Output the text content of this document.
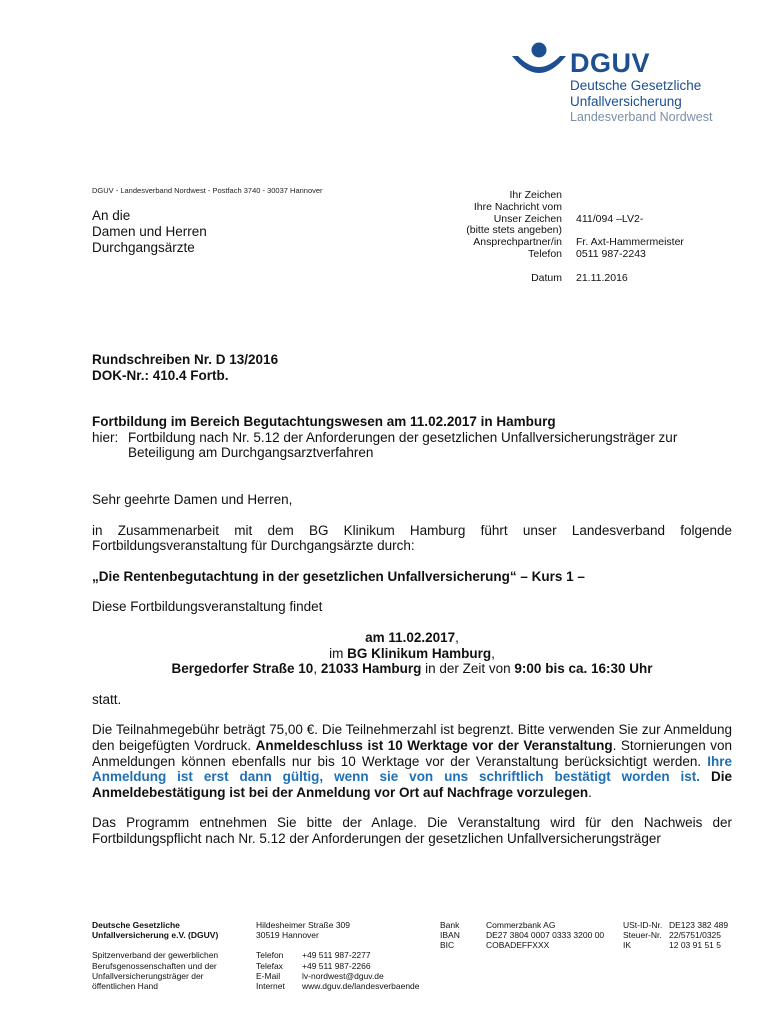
DGUV
Deutsche Gesetzliche
Unfallversicherung
Landesverband Nordwest
DGUV - Landesverband Nordwest - Postfach 3740 - 30037 Hannover
An die
Damen und Herren
Durchgangsärzte
Ihr Zeichen
Ihre Nachricht vom
Unser Zeichen	411/094 –LV2-
(bitte stets angeben)
Ansprechpartner/in	Fr. Axt-Hammermeister
Telefon	0511 987-2243
Datum	21.11.2016

Rundschreiben Nr. D 13/2016

DOK-Nr.: 410.4 Fortb.

Fortbildung im Bereich Begutachtungswesen am 11.02.2017 in Hamburg

hier: Fortbildung nach Nr. 5.12 der Anforderungen der gesetzlichen Unfallversicherungsträger zur Beteiligung am Durchgangsarztverfahren

Sehr geehrte Damen und Herren,

in Zusammenarbeit mit dem BG Klinikum Hamburg führt unser Landesverband folgende Fortbildungsveranstaltung für Durchgangsärzte durch:

„Die Rentenbegutachtung in der gesetzlichen Unfallversicherung“ – Kurs 1 –

Diese Fortbildungsveranstaltung findet

am 11.02.2017,
im BG Klinikum Hamburg,
Bergedorfer Straße 10, 21033 Hamburg in der Zeit von 9:00 bis ca. 16:30 Uhr

statt.

Die Teilnahmegebühr beträgt 75,00 €. Die Teilnehmerzahl ist begrenzt. Bitte verwenden Sie zur Anmeldung den beigefügten Vordruck. Anmeldeschluss ist 10 Werktage vor der Veranstaltung. Stornierungen von Anmeldungen können ebenfalls nur bis 10 Werktage vor der Veranstaltung berücksichtigt werden. Ihre Anmeldung ist erst dann gültig, wenn sie von uns schriftlich bestätigt worden ist. Die Anmeldebestätigung ist bei der Anmeldung vor Ort auf Nachfrage vorzulegen.

Das Programm entnehmen Sie bitte der Anlage. Die Veranstaltung wird für den Nachweis der Fortbildungspflicht nach Nr. 5.12 der Anforderungen der gesetzlichen Unfallversicherungsträger

Deutsche Gesetzliche
Unfallversicherung e.V. (DGUV)
Spitzenverband der gewerblichen
Berufsgenossenschaften und der
Unfallversicherungsträger der
öffentlichen Hand
Hildesheimer Straße 309
30519 Hannover
Telefon	+49 511 987-2277
Telefax	+49 511 987-2266
E-Mail	lv-nordwest@dguv.de
Internet	www.dguv.de/landesverbaende
Bank	Commerzbank AG
IBAN	DE27 3804 0007 0333 3200 00
BIC	COBADEFFXXX
USt-ID-Nr. DE123 382 489
Steuer-Nr. 22/5751/0325
IK	12 03 91 51 5
